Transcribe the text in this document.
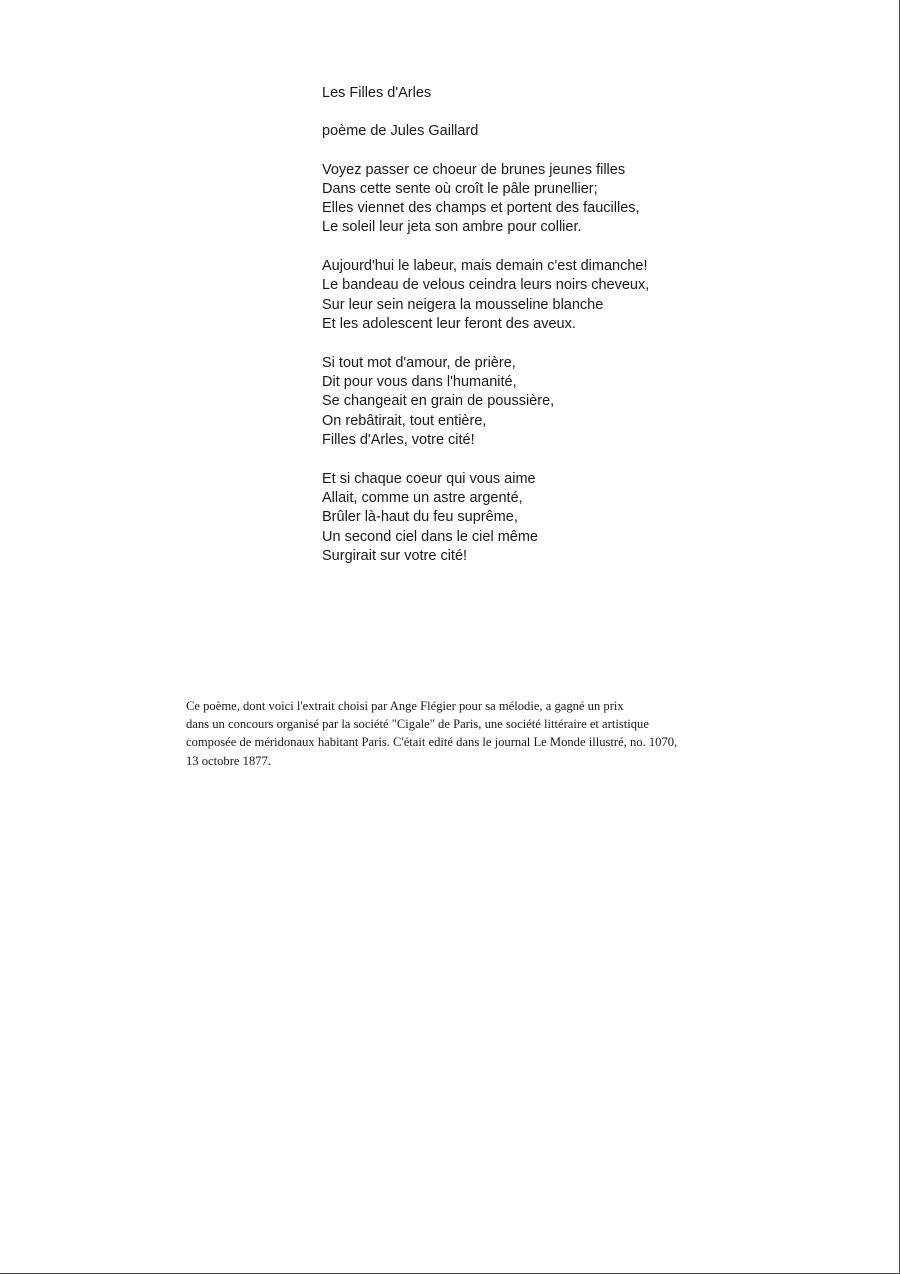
Les Filles d'Arles
poème de Jules Gaillard
Voyez passer ce choeur de brunes jeunes filles
Dans cette sente où croît le pâle prunellier;
Elles viennet des champs et portent des faucilles,
Le soleil leur jeta son ambre pour collier.
Aujourd'hui le labeur, mais demain c'est dimanche!
Le bandeau de velous ceindra leurs noirs cheveux,
Sur leur sein neigera la mousseline blanche
Et les adolescent leur feront des aveux.
Si tout mot d'amour, de prière,
Dit pour vous dans l'humanité,
Se changeait en grain de poussière,
On rebâtirait, tout entière,
Filles d'Arles, votre cité!
Et si chaque coeur qui vous aime
Allait, comme un astre argenté,
Brûler là-haut du feu suprême,
Un second ciel dans le ciel même
Surgirait sur votre cité!
Ce poème, dont voici l'extrait choisi par Ange Flégier pour sa mélodie, a gagné un prix
dans un concours organisé par la société "Cigale" de Paris, une société littéraire et artistique
composée de méridonaux habitant Paris. C'était edité dans le journal Le Monde illustré, no. 1070,
13 octobre 1877.
